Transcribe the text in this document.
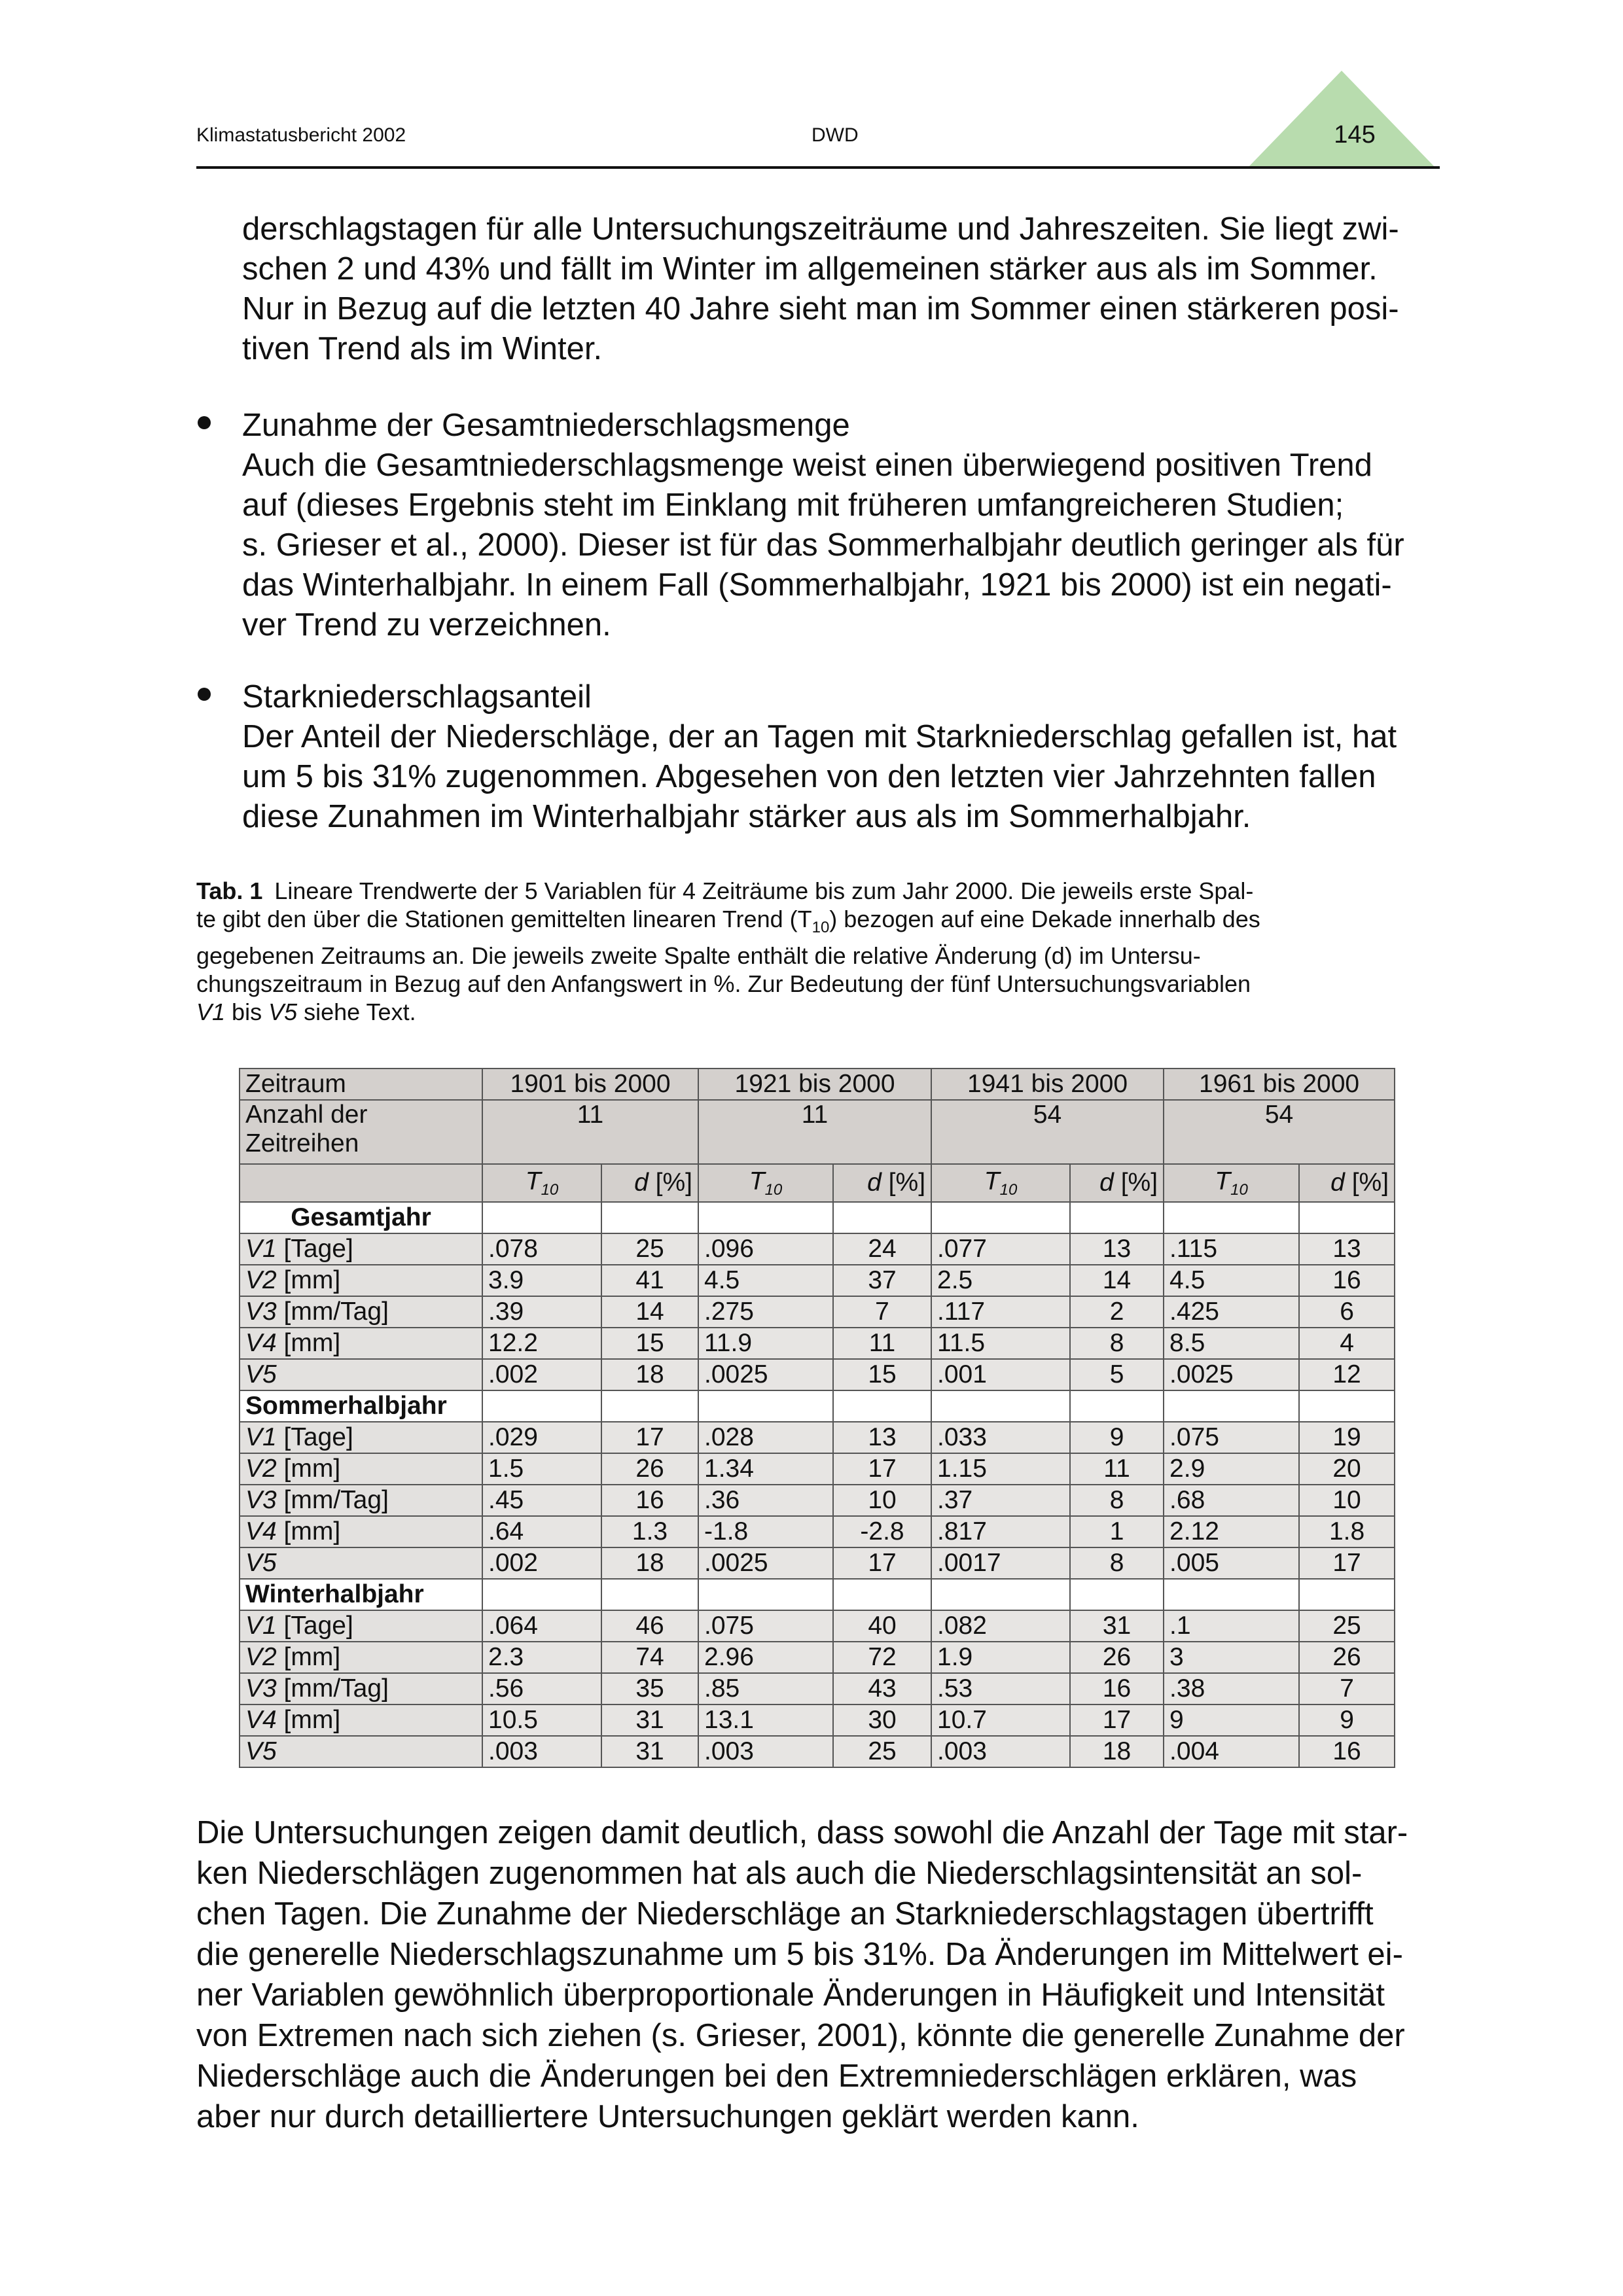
Klimastatusbericht 2002	DWD	145
derschlagstagen für alle Untersuchungszeiträume und Jahreszeiten. Sie liegt zwi-
schen 2 und 43% und fällt im Winter im allgemeinen stärker aus als im Sommer.
Nur in Bezug auf die letzten 40 Jahre sieht man im Sommer einen stärkeren posi-
tiven Trend als im Winter.
Zunahme der Gesamtniederschlagsmenge
Auch die Gesamtniederschlagsmenge weist einen überwiegend positiven Trend
auf (dieses Ergebnis steht im Einklang mit früheren umfangreicheren Studien;
s. Grieser et al., 2000). Dieser ist für das Sommerhalbjahr deutlich geringer als für
das Winterhalbjahr. In einem Fall (Sommerhalbjahr, 1921 bis 2000) ist ein negati-
ver Trend zu verzeichnen.
Starkniederschlagsanteil
Der Anteil der Niederschläge, der an Tagen mit Starkniederschlag gefallen ist, hat
um 5 bis 31% zugenommen. Abgesehen von den letzten vier Jahrzehnten fallen
diese Zunahmen im Winterhalbjahr stärker aus als im Sommerhalbjahr.
Tab. 1 Lineare Trendwerte der 5 Variablen für 4 Zeiträume bis zum Jahr 2000. Die jeweils erste Spal-
te gibt den über die Stationen gemittelten linearen Trend $(T_{10})$ bezogen auf eine Dekade innerhalb des
gegebenen Zeitraums an. Die jeweils zweite Spalte enthält die relative Änderung (d) im Untersu-
chungszeitraum in Bezug auf den Anfangswert in %. Zur Bedeutung der fünf Untersuchungsvariablen
V1 bis V5 siehe Text.
Zeitraum	1901 bis 2000		1921 bis 2000		1941 bis 2000		1961 bis 2000	

Anzahl der
Zeitreihen	11		11		54		54	
	$T_{10}$	d [%]	$T_{10}$	d [%]	$T_{10}$	d [%]	$T_{10}$	d [%]
Gesamtjahr								
V1 [Tage]	.078	25	.096	24	.077	13	.115	13
V2 [mm]	3.9	41	4.5	37	2.5	14	4.5	16
V3 [mm/Tag]	.39	14	.275	7	.117	2	.425	6
V4 [mm]	12.2	15	11.9	11	11.5	8	8.5	4
V5	.002	18	.0025	15	.001	5	.0025	12
Sommerhalbjahr								
V1 [Tage]	.029	17	.028	13	.033	9	.075	19
V2 [mm]	1.5	26	1.34	17	1.15	11	2.9	20
V3 [mm/Tag]	.45	16	.36	10	.37	8	.68	10
V4 [mm]	.64	1.3	-1.8	-2.8	.817	1	2.12	1.8
V5	.002	18	.0025	17	.0017	8	.005	17
Winterhalbjahr								
V1 [Tage]	.064	46	.075	40	.082	31	.1	25
V2 [mm]	2.3	74	2.96	72	1.9	26	3	26
V3 [mm/Tag]	.56	35	.85	43	.53	16	.38	7
V4 [mm]	10.5	31	13.1	30	10.7	17	9	9
V5	.003	31	.003	25	.003	18	.004	16
Die Untersuchungen zeigen damit deutlich, dass sowohl die Anzahl der Tage mit star-
ken Niederschlägen zugenommen hat als auch die Niederschlagsintensität an sol-
chen Tagen. Die Zunahme der Niederschläge an Starkniederschlagstagen übertrifft
die generelle Niederschlagszunahme um 5 bis 31%. Da Änderungen im Mittelwert ei-
ner Variablen gewöhnlich überproportionale Änderungen in Häufigkeit und Intensität
von Extremen nach sich ziehen (s. Grieser, 2001), könnte die generelle Zunahme der
Niederschläge auch die Änderungen bei den Extremniederschlägen erklären, was
aber nur durch detailliertere Untersuchungen geklärt werden kann.
